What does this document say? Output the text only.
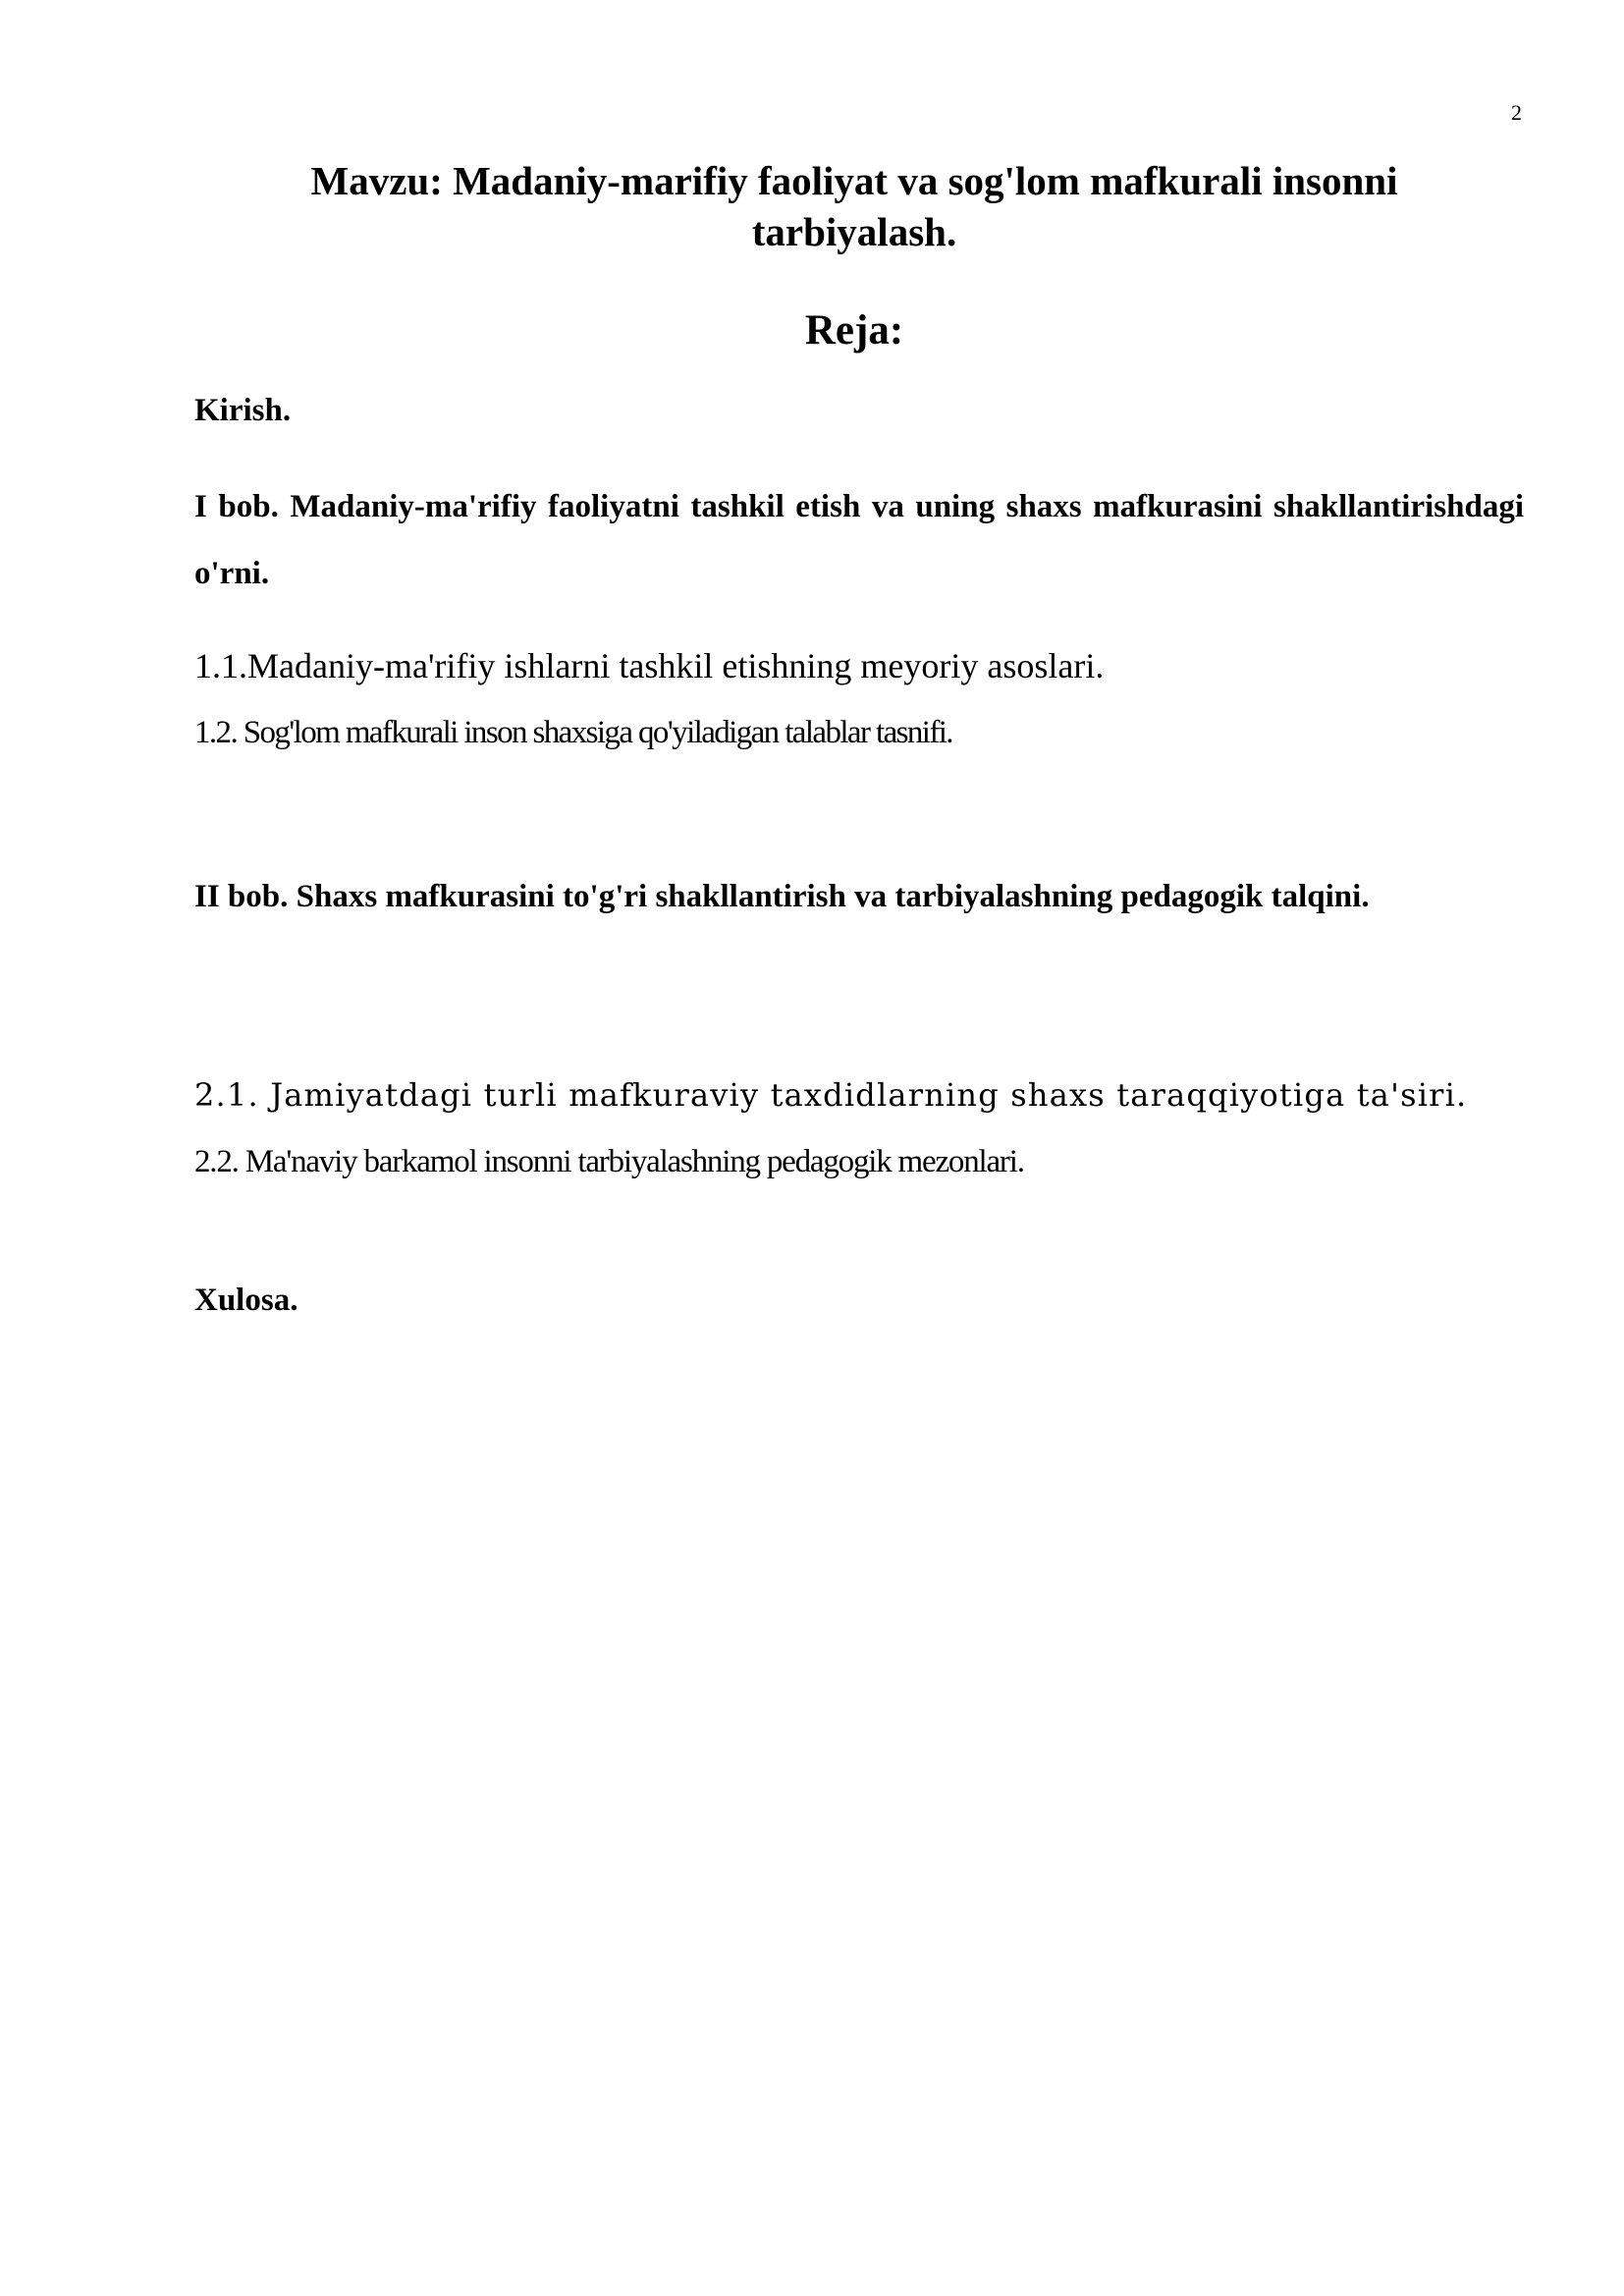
2
Mavzu: Madaniy-marifiy faoliyat va sog'lom mafkurali insonni tarbiyalash.
Reja:
Kirish.
I bob. Madaniy-ma'rifiy faoliyatni tashkil etish va uning shaxs mafkurasini shakllantirishdagi o'rni.
1.1.Madaniy-ma'rifiy ishlarni tashkil etishning meyoriy asoslari.
1.2. Sog'lom mafkurali inson shaxsiga qo'yiladigan talablar tasnifi.
II bob. Shaxs mafkurasini to'g'ri shakllantirish va tarbiyalashning pedagogik talqini.
2.1. Jamiyatdagi turli mafkuraviy taxdidlarning shaxs taraqqiyotiga ta'siri.
2.2. Ma'naviy barkamol insonni tarbiyalashning pedagogik mezonlari.
Xulosa.
